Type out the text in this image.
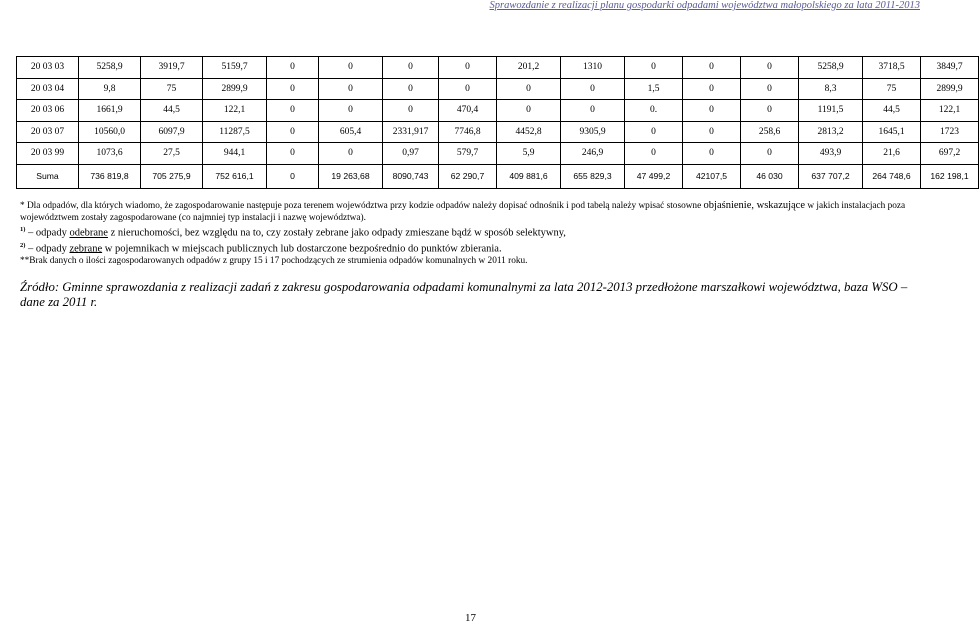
Sprawozdanie z realizacji planu gospodarki odpadami województwa małopolskiego za lata 2011-2013
20 03 03	5258,9	3919,7	5159,7	0	0	0	0	201,2	1310	0	0	0	5258,9	3718,5	3849,7
20 03 04	9,8	75	2899,9	0	0	0	0	0	0	1,5	0	0	8,3	75	2899,9
20 03 06	1661,9	44,5	122,1	0	0	0	470,4	0	0	0.	0	0	1191,5	44,5	122,1
20 03 07	10560,0	6097,9	11287,5	0	605,4	2331,917	7746,8	4452,8	9305,9	0	0	258,6	2813,2	1645,1	1723
20 03 99	1073,6	27,5	944,1	0	0	0,97	579,7	5,9	246,9	0	0	0	493,9	21,6	697,2
Suma	736 819,8	705 275,9	752 616,1	0	19 263,68	8090,743	62 290,7	409 881,6	655 829,3	47 499,2	42107,5	46 030	637 707,2	264 748,6	162 198,1

* Dla odpadów, dla których wiadomo, że zagospodarowanie następuje poza terenem województwa przy kodzie odpadów należy dopisać odnośnik i pod tabelą należy wpisać stosowne objaśnienie, wskazujące w jakich instalacjach poza województwem zostały zagospodarowane (co najmniej typ instalacji i nazwę województwa).

$^{1)}$ – odpady odebrane z nieruchomości, bez względu na to, czy zostały zebrane jako odpady zmieszane bądź w sposób selektywny,

$^{2)}$ – odpady zebrane w pojemnikach w miejscach publicznych lub dostarczone bezpośrednio do punktów zbierania.

**Brak danych o ilości zagospodarowanych odpadów z grupy 15 i 17 pochodzących ze strumienia odpadów komunalnych w 2011 roku.

Źródło: Gminne sprawozdania z realizacji zadań z zakresu gospodarowania odpadami komunalnymi za lata 2012-2013 przedłożone marszałkowi województwa, baza WSO –

dane za 2011 r.

17
